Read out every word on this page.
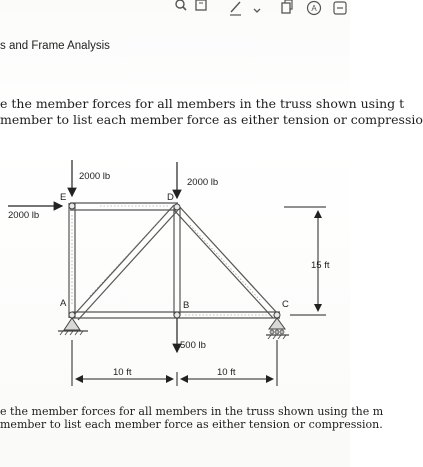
A
s and Frame Analysis
e the member forces for all members in the truss shown using t
member to list each member force as either tension or compressio
2000 lb
2000 lb
2000 lb
500 lb
E	D
A	B	C
10 ft	10 ft
15 ft
e the member forces for all members in the truss shown using the m
member to list each member force as either tension or compression.
